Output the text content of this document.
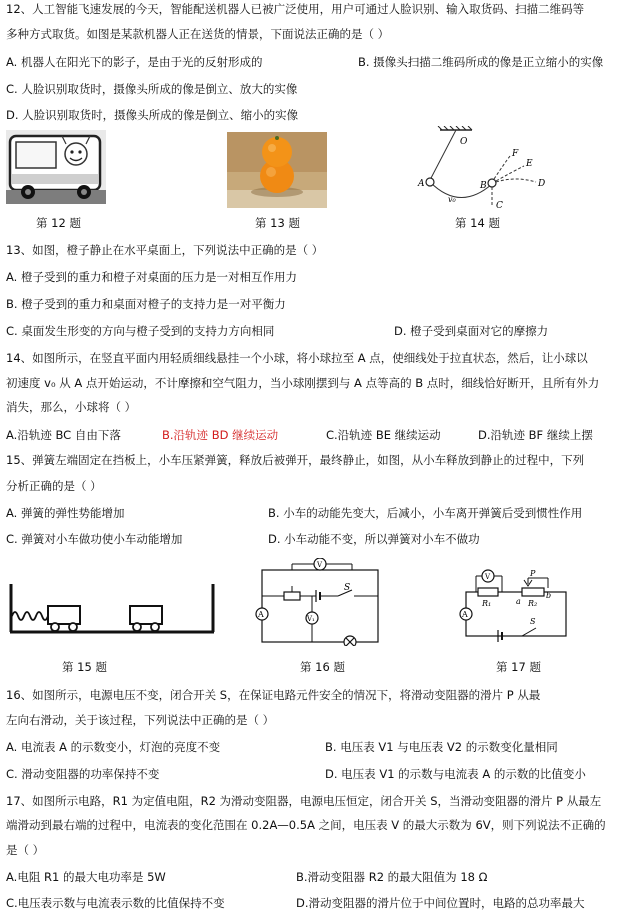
12、人工智能飞速发展的今天，智能配送机器人已被广泛使用，用户可通过人脸识别、输入取货码、扫描二维码等
多种方式取货。如图是某款机器人正在送货的情景，下面说法正确的是（ ）
A. 机器人在阳光下的影子，是由于光的反射形成的	B. 摄像头扫描二维码所成的像是正立缩小的实像
C. 人脸识别取货时，摄像头所成的像是倒立、放大的实像
D. 人脸识别取货时，摄像头所成的像是倒立、缩小的实像
第 12 题	第 13 题
O
A	B
C
D
E
F
v₀
第 14 题
13、如图，橙子静止在水平桌面上，下列说法中正确的是（ ）
A. 橙子受到的重力和橙子对桌面的压力是一对相互作用力
B. 橙子受到的重力和桌面对橙子的支持力是一对平衡力
C. 桌面发生形变的方向与橙子受到的支持力方向相同	D. 橙子受到桌面对它的摩擦力
14、如图所示，在竖直平面内用轻质细线悬挂一个小球，将小球拉至 A 点，使细线处于拉直状态，然后，让小球以
初速度 v₀ 从 A 点开始运动，不计摩擦和空气阻力，当小球刚摆到与 A 点等高的 B 点时，细线恰好断开，且所有外力
消失，那么，小球将（ ）
A.沿轨迹 BC 自由下落	B.沿轨迹 BD 继续运动	C.沿轨迹 BE 继续运动	D.沿轨迹 BF 继续上摆
15、弹簧左端固定在挡板上，小车压紧弹簧，释放后被弹开，最终静止，如图，从小车释放到静止的过程中，下列
分析正确的是（ ）
A. 弹簧的弹性势能增加	B. 小车的动能先变大，后减小，小车离开弹簧后受到惯性作用
C. 弹簧对小车做功使小车动能增加	D. 小车动能不变，所以弹簧对小车不做功
第 15 题
V
S
A	V₁
第 16 题
V
R₁
P
a
b
R₂
A
S
第 17 题
16、如图所示，电源电压不变，闭合开关 S，在保证电路元件安全的情况下，将滑动变阻器的滑片 P 从最
左向右滑动，关于该过程，下列说法中正确的是（ ）
A. 电流表 A 的示数变小，灯泡的亮度不变	B. 电压表 V1 与电压表 V2 的示数变化量相同
C. 滑动变阻器的功率保持不变	D. 电压表 V1 的示数与电流表 A 的示数的比值变小
17、如图所示电路，R1 为定值电阻，R2 为滑动变阻器，电源电压恒定，闭合开关 S，当滑动变阻器的滑片 P 从最左
端滑动到最右端的过程中，电流表的变化范围在 0.2A—0.5A 之间，电压表 V 的最大示数为 6V，则下列说法不正确的
是（ ）
A.电阻 R1 的最大电功率是 5W	B.滑动变阻器 R2 的最大阻值为 18 Ω
C.电压表示数与电流表示数的比值保持不变	D.滑动变阻器的滑片位于中间位置时，电路的总功率最大
